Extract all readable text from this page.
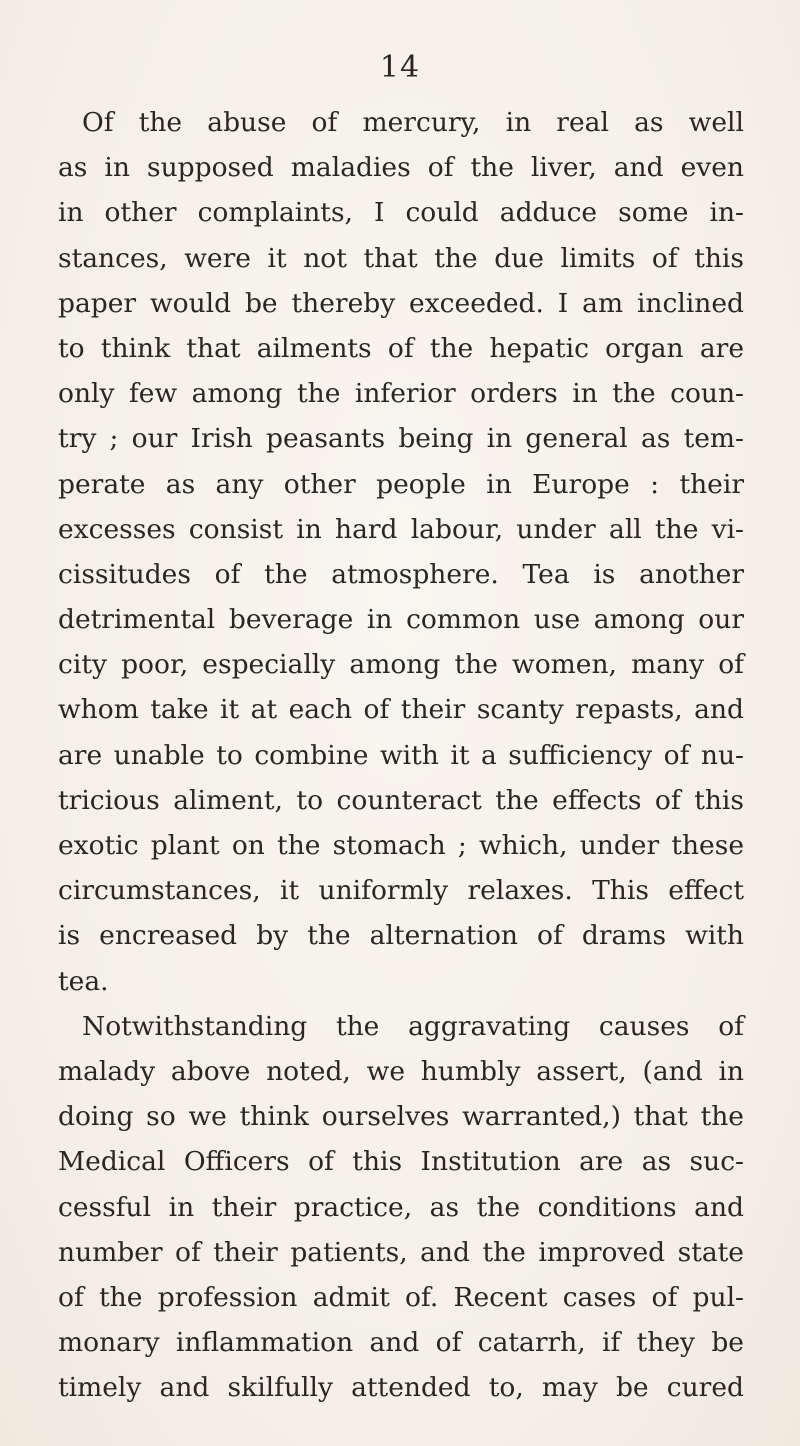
14
Of the abuse of mercury, in real as well
as in supposed maladies of the liver, and even
in other complaints, I could adduce some in-
stances, were it not that the due limits of this
paper would be thereby exceeded. I am inclined
to think that ailments of the hepatic organ are
only few among the inferior orders in the coun-
try ; our Irish peasants being in general as tem-
perate as any other people in Europe : their
excesses consist in hard labour, under all the vi-
cissitudes of the atmosphere. Tea is another
detrimental beverage in common use among our
city poor, especially among the women, many of
whom take it at each of their scanty repasts, and
are unable to combine with it a sufficiency of nu-
tricious aliment, to counteract the effects of this
exotic plant on the stomach ; which, under these
circumstances, it uniformly relaxes. This effect
is encreased by the alternation of drams with
tea.
Notwithstanding the aggravating causes of
malady above noted, we humbly assert, (and in
doing so we think ourselves warranted,) that the
Medical Officers of this Institution are as suc-
cessful in their practice, as the conditions and
number of their patients, and the improved state
of the profession admit of. Recent cases of pul-
monary inflammation and of catarrh, if they be
timely and skilfully attended to, may be cured
